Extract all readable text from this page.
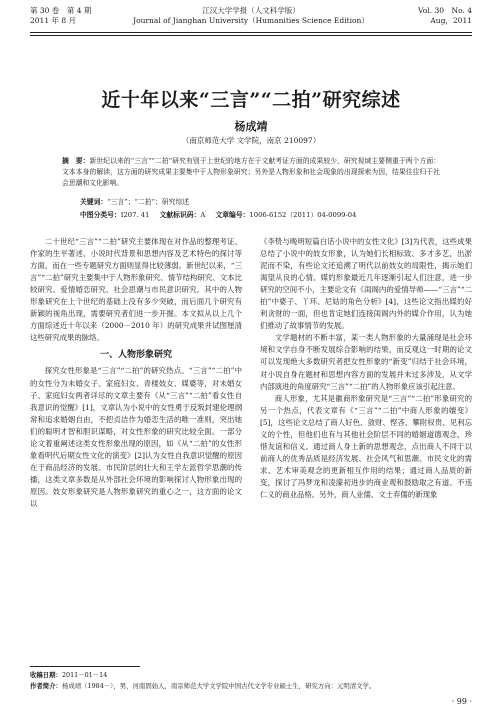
第 30 卷　第 4 期
2011 年 8 月
江汉大学学报（人文科学版）
Journal of Jianghan University（Humanities Science Edition）
Vol. 30　No. 4
Aug，2011
近十年以来“三言”“二拍”研究综述
杨成靖
（南京师范大学 文学院，南京 210097）
摘　要：新世纪以来的“三言”“二拍”研究有别于上世纪的地方在于文献考证方面的成果较少，研究视域主要侧重于两个方面：文本本身的解读，这方面的研究成果主要集中于人物形象研究；另外是人物形象和社会现象的出现探索为因，结果往往归于社会思潮和文化影响。
关键词：“三言”；“二拍”；研究综述
中图分类号：I207. 41 文献标识码：A 文章编号：1006-6152（2011）04-0099-04

二十世纪“三言”“二拍”研究主要体现在对作品的整理考证、作家的生平著述、小说时代背景和思想内容及艺术特色的探讨等方面，而在一些专题研究方面则显得比较薄弱。新世纪以来，“三言”“二拍”研究主要集中于人物形象研究、情节结构研究、文本比较研究、爱情婚恋研究、社会思潮与市民意识研究，其中的人物形象研究在上个世纪的基础上没有多少突破，而后面几个研究有新颖的视角出现，需要研究者们进一步开掘。本文拟从以上几个方面综述近十年以来（2000－2010 年）的研究成果并试图厘清这些研究成果的脉络。

一、人物形象研究

探究女性形象是“三言”“二拍”的研究热点。“三言”“二拍”中的女性分为未婚女子、家庭妇女、青楼妓女、媒婆等，对未婚女子、家庭妇女两者详尽的文章主要有《从“三言”“二拍”看女性自我意识的觉醒》[1]，文章认为小说中的女性勇于反叛封建伦理纲常和追求婚姻自由，不把贞洁作为婚恋生活的唯一准则，突出她们的聪明才智和胆识谋略，对女性形象的研究比较全面。一部分论文着重阐述这类女性形象出现的原因，如《从“二拍”的女性形象看明代后期女性文化的演变》[2]认为女性自我意识觉醒的原因在于商品经济的发展、市民阶层的壮大和王学左派哲学思潮的传播，这类文章多数是从外部社会环境的影响探讨人物形象出现的原因。妓女形象研究是人物形象研究的重心之一，这方面的论文以

《李贽与晚明短篇白话小说中的女性文化》[3]为代表，这些成果总结了小说中的妓女形象，认为她们长相标致、多才多艺，出淤泥而不染，有些论文还追溯了明代以前妓女的局限性，揭示她们渴望从良的心情。媒妁形象最近几年逐渐引起人们注意，进一步研究的空间不小，主要论文有《闺阁内的爱情导师——“三言”“二拍”中婆子、丫环、尼姑的角色分析》[4]，这些论文指出媒妁好利贪财的一面，但也肯定她们连接闺阁内外的媒介作用，认为她们推动了故事情节的发展。

文学题材的不断丰富，某一类人物形象的大量涌现是社会环境和文学自身不断发展综合影响的结果，而反观这一时期的论文可以发现绝大多数研究者把女性形象的“新变”归结于社会环境，对小说自身在题材和思想内容方面的发展并未过多涉及，从文学内部演进的角度研究“三言”“二拍”的人物形象应该引起注意。

商人形象，尤其是徽商形象研究是“三言”“二拍”形象研究的另一个热点，代表文章有《“三言”“二拍”中商人形象的嬗变》[5]，这些论文总结了商人好色、敛财、悭吝、攀附权贵、见利忘义的个性，但他们也有与其他社会阶层不同的婚姻道德观念，珍惜友谊和信义。通过商人身上新的思想观念，点出商人不同于以前商人的优秀品质是经济发展、社会风气和思潮、市民文化的需求、艺术审美观念的更新相互作用的结果；通过商人品质的新变，探讨了冯梦龙和凌濛初进步的商业观和鼓励取之有道、不违仁义的商业品格。另外，商人业儒、文士弃儒的新现象

收稿日期：2011－01－14
作者简介：杨成靖（1984－），男，河南固始人，南京师范大学文学院中国古代文学专业硕士生，研究方向：元明清文学。
· 99 ·
